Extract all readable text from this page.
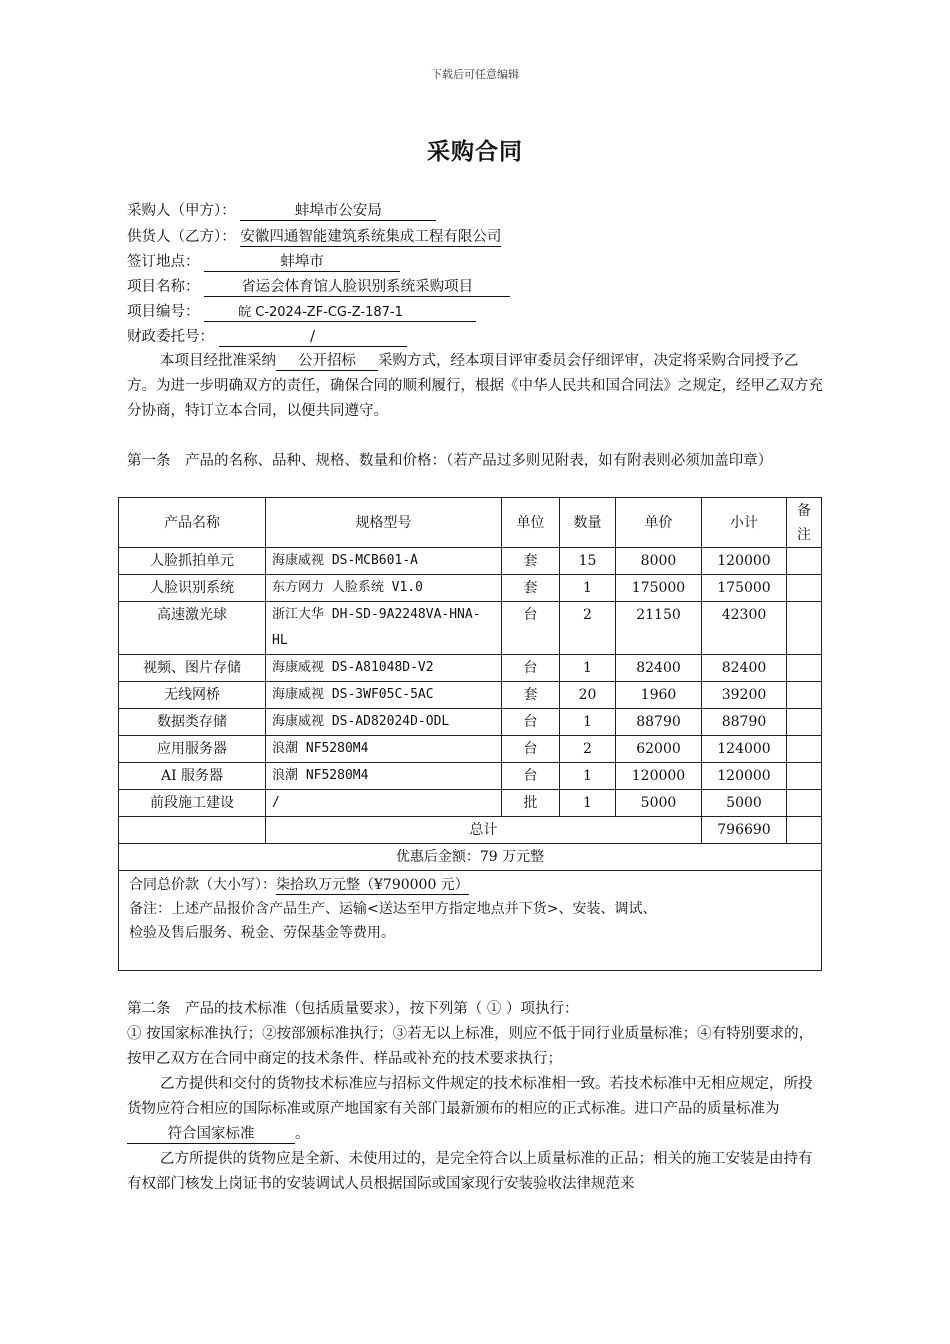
下载后可任意编辑
采购合同
采购人（甲方）：	蚌埠市公安局
供货人（乙方）： 安徽四通智能建筑系统集成工程有限公司
签订地点：	蚌埠市
项目名称：	省运会体育馆人脸识别系统采购项目
项目编号：	皖 C-2024-ZF-CG-Z-187-1
财政委托号：	/
本项目经批准采纳 公开招标 采购方式，经本项目评审委员会仔细评审，决定将采购合同授予乙方。为进一步明确双方的责任，确保合同的顺利履行，根据《中华人民共和国合同法》之规定，经甲乙双方充分协商，特订立本合同，以便共同遵守。
第一条　产品的名称、品种、规格、数量和价格：（若产品过多则见附表，如有附表则必须加盖印章）
产品名称	规格型号	单位	数量	单价	小计	备注
人脸抓拍单元	海康威视 DS-MCB601-A	套	15	8000	120000	
人脸识别系统	东方网力 人脸系统 V1.0	套	1	175000	175000	
高速激光球	浙江大华 DH-SD-9A2248VA-HNA-HL	台	2	21150	42300	
视频、图片存储	海康威视 DS-A81048D-V2	台	1	82400	82400	
无线网桥	海康威视 DS-3WF05C-5AC	套	20	1960	39200	
数据类存储	海康威视 DS-AD82024D-ODL	台	1	88790	88790	
应用服务器	浪潮 NF5280M4	台	2	62000	124000	
AI 服务器	浪潮 NF5280M4	台	1	120000	120000	
前段施工建设	/	批	1	5000	5000	
	总计				796690	
优惠后金额：79 万元整						

合同总价款（大小写）：柒拾玖万元整（¥790000 元）
备注：上述产品报价含产品生产、运输<送达至甲方指定地点并下货>、安装、调试、
检验及售后服务、税金、劳保基金等费用。						
第二条　产品的技术标准（包括质量要求），按下列第（ ① ）项执行：
① 按国家标准执行；②按部颁标准执行；③若无以上标准，则应不低于同行业质量标准；④有特别要求的，按甲乙双方在合同中商定的技术条件、样品或补充的技术要求执行；
乙方提供和交付的货物技术标准应与招标文件规定的技术标准相一致。若技术标准中无相应规定，所投货物应符合相应的国际标准或原产地国家有关部门最新颁布的相应的正式标准。进口产品的质量标准为符合国家标准	。
乙方所提供的货物应是全新、未使用过的，是完全符合以上质量标准的正品；相关的施工安装是由持有有权部门核发上岗证书的安装调试人员根据国际或国家现行安装验收法律规范来
